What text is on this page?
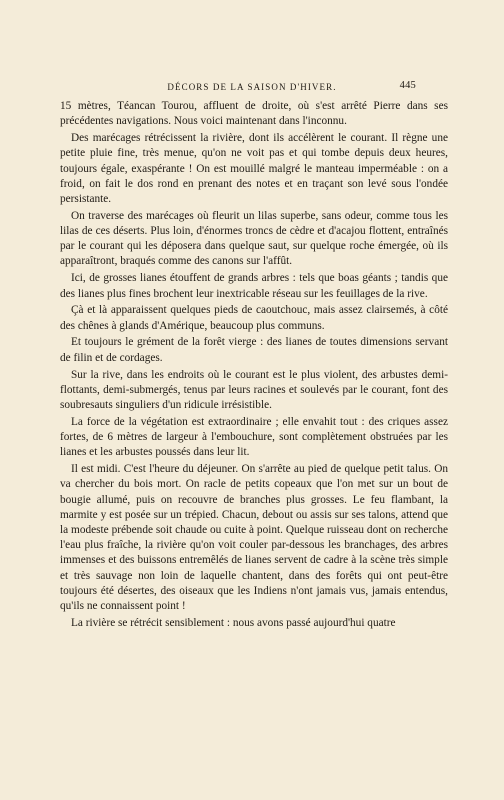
DÉCORS DE LA SAISON D'HIVER.	445

15 mètres, Téancan Tourou, affluent de droite, où s'est arrêté Pierre dans ses précédentes navigations. Nous voici maintenant dans l'inconnu.

Des marécages rétrécissent la rivière, dont ils accélèrent le courant. Il règne une petite pluie fine, très menue, qu'on ne voit pas et qui tombe depuis deux heures, toujours égale, exaspérante ! On est mouillé malgré le manteau imperméable : on a froid, on fait le dos rond en prenant des notes et en traçant son levé sous l'ondée persistante.

On traverse des marécages où fleurit un lilas superbe, sans odeur, comme tous les lilas de ces déserts. Plus loin, d'énormes troncs de cèdre et d'acajou flottent, entraînés par le courant qui les déposera dans quelque saut, sur quelque roche émergée, où ils apparaîtront, braqués comme des canons sur l'affût.

Ici, de grosses lianes étouffent de grands arbres : tels que boas géants ; tandis que des lianes plus fines brochent leur inextricable réseau sur les feuillages de la rive.

Çà et là apparaissent quelques pieds de caoutchouc, mais assez clairsemés, à côté des chênes à glands d'Amérique, beaucoup plus communs.

Et toujours le grément de la forêt vierge : des lianes de toutes dimensions servant de filin et de cordages.

Sur la rive, dans les endroits où le courant est le plus violent, des arbustes demi-flottants, demi-submergés, tenus par leurs racines et soulevés par le courant, font des soubresauts singuliers d'un ridicule irrésistible.

La force de la végétation est extraordinaire ; elle envahit tout : des criques assez fortes, de 6 mètres de largeur à l'embouchure, sont complètement obstruées par les lianes et les arbustes poussés dans leur lit.

Il est midi. C'est l'heure du déjeuner. On s'arrête au pied de quelque petit talus. On va chercher du bois mort. On racle de petits copeaux que l'on met sur un bout de bougie allumé, puis on recouvre de branches plus grosses. Le feu flambant, la marmite y est posée sur un trépied. Chacun, debout ou assis sur ses talons, attend que la modeste prébende soit chaude ou cuite à point. Quelque ruisseau dont on recherche l'eau plus fraîche, la rivière qu'on voit couler par-dessous les branchages, des arbres immenses et des buissons entremêlés de lianes servent de cadre à la scène très simple et très sauvage non loin de laquelle chantent, dans des forêts qui ont peut-être toujours été désertes, des oiseaux que les Indiens n'ont jamais vus, jamais entendus, qu'ils ne connaissent point !

La rivière se rétrécit sensiblement : nous avons passé aujourd'hui quatre
